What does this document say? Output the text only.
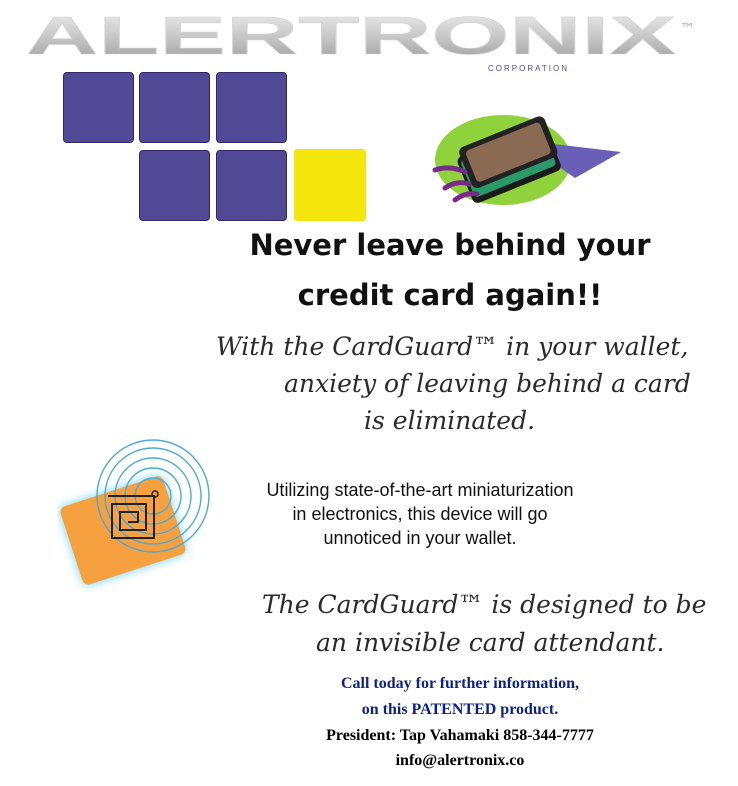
ALERTRONIX ™
CORPORATION
Never leave behind your
credit card again!!
With the CardGuard™ in your wallet,
anxiety of leaving behind a card
is eliminated.
Utilizing state-of-the-art miniaturization
in electronics, this device will go
unnoticed in your wallet.
The CardGuard™ is designed to be
an invisible card attendant.
Call today for further information,
on this PATENTED product.
President: Tap Vahamaki 858-344-7777
info@alertronix.co
